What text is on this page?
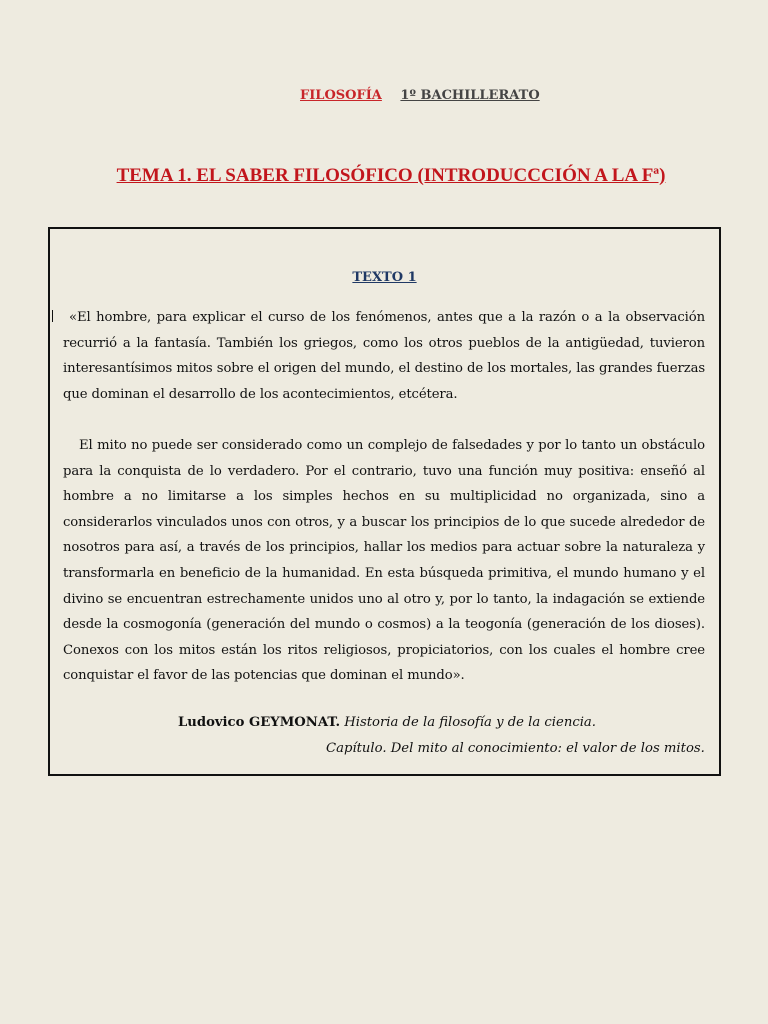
FILOSOFÍA 1º BACHILLERATO
TEMA 1. EL SABER FILOSÓFICO (INTRODUCCCIÓN A LA Fª)
TEXTO 1
«El hombre, para explicar el curso de los fenómenos, antes que a la razón o a la observación recurrió a la fantasía. También los griegos, como los otros pueblos de la antigüedad, tuvieron interesantísimos mitos sobre el origen del mundo, el destino de los mortales, las grandes fuerzas que dominan el desarrollo de los acontecimientos, etcétera.
El mito no puede ser considerado como un complejo de falsedades y por lo tanto un obstáculo para la conquista de lo verdadero. Por el contrario, tuvo una función muy positiva: enseñó al hombre a no limitarse a los simples hechos en su multiplicidad no organizada, sino a considerarlos vinculados unos con otros, y a buscar los principios de lo que sucede alrededor de nosotros para así, a través de los principios, hallar los medios para actuar sobre la naturaleza y transformarla en beneficio de la humanidad. En esta búsqueda primitiva, el mundo humano y el divino se encuentran estrechamente unidos uno al otro y, por lo tanto, la indagación se extiende desde la cosmogonía (generación del mundo o cosmos) a la teogonía (generación de los dioses). Conexos con los mitos están los ritos religiosos, propiciatorios, con los cuales el hombre cree conquistar el favor de las potencias que dominan el mundo».
Ludovico GEYMONAT. Historia de la filosofía y de la ciencia.
Capítulo. Del mito al conocimiento: el valor de los mitos.
